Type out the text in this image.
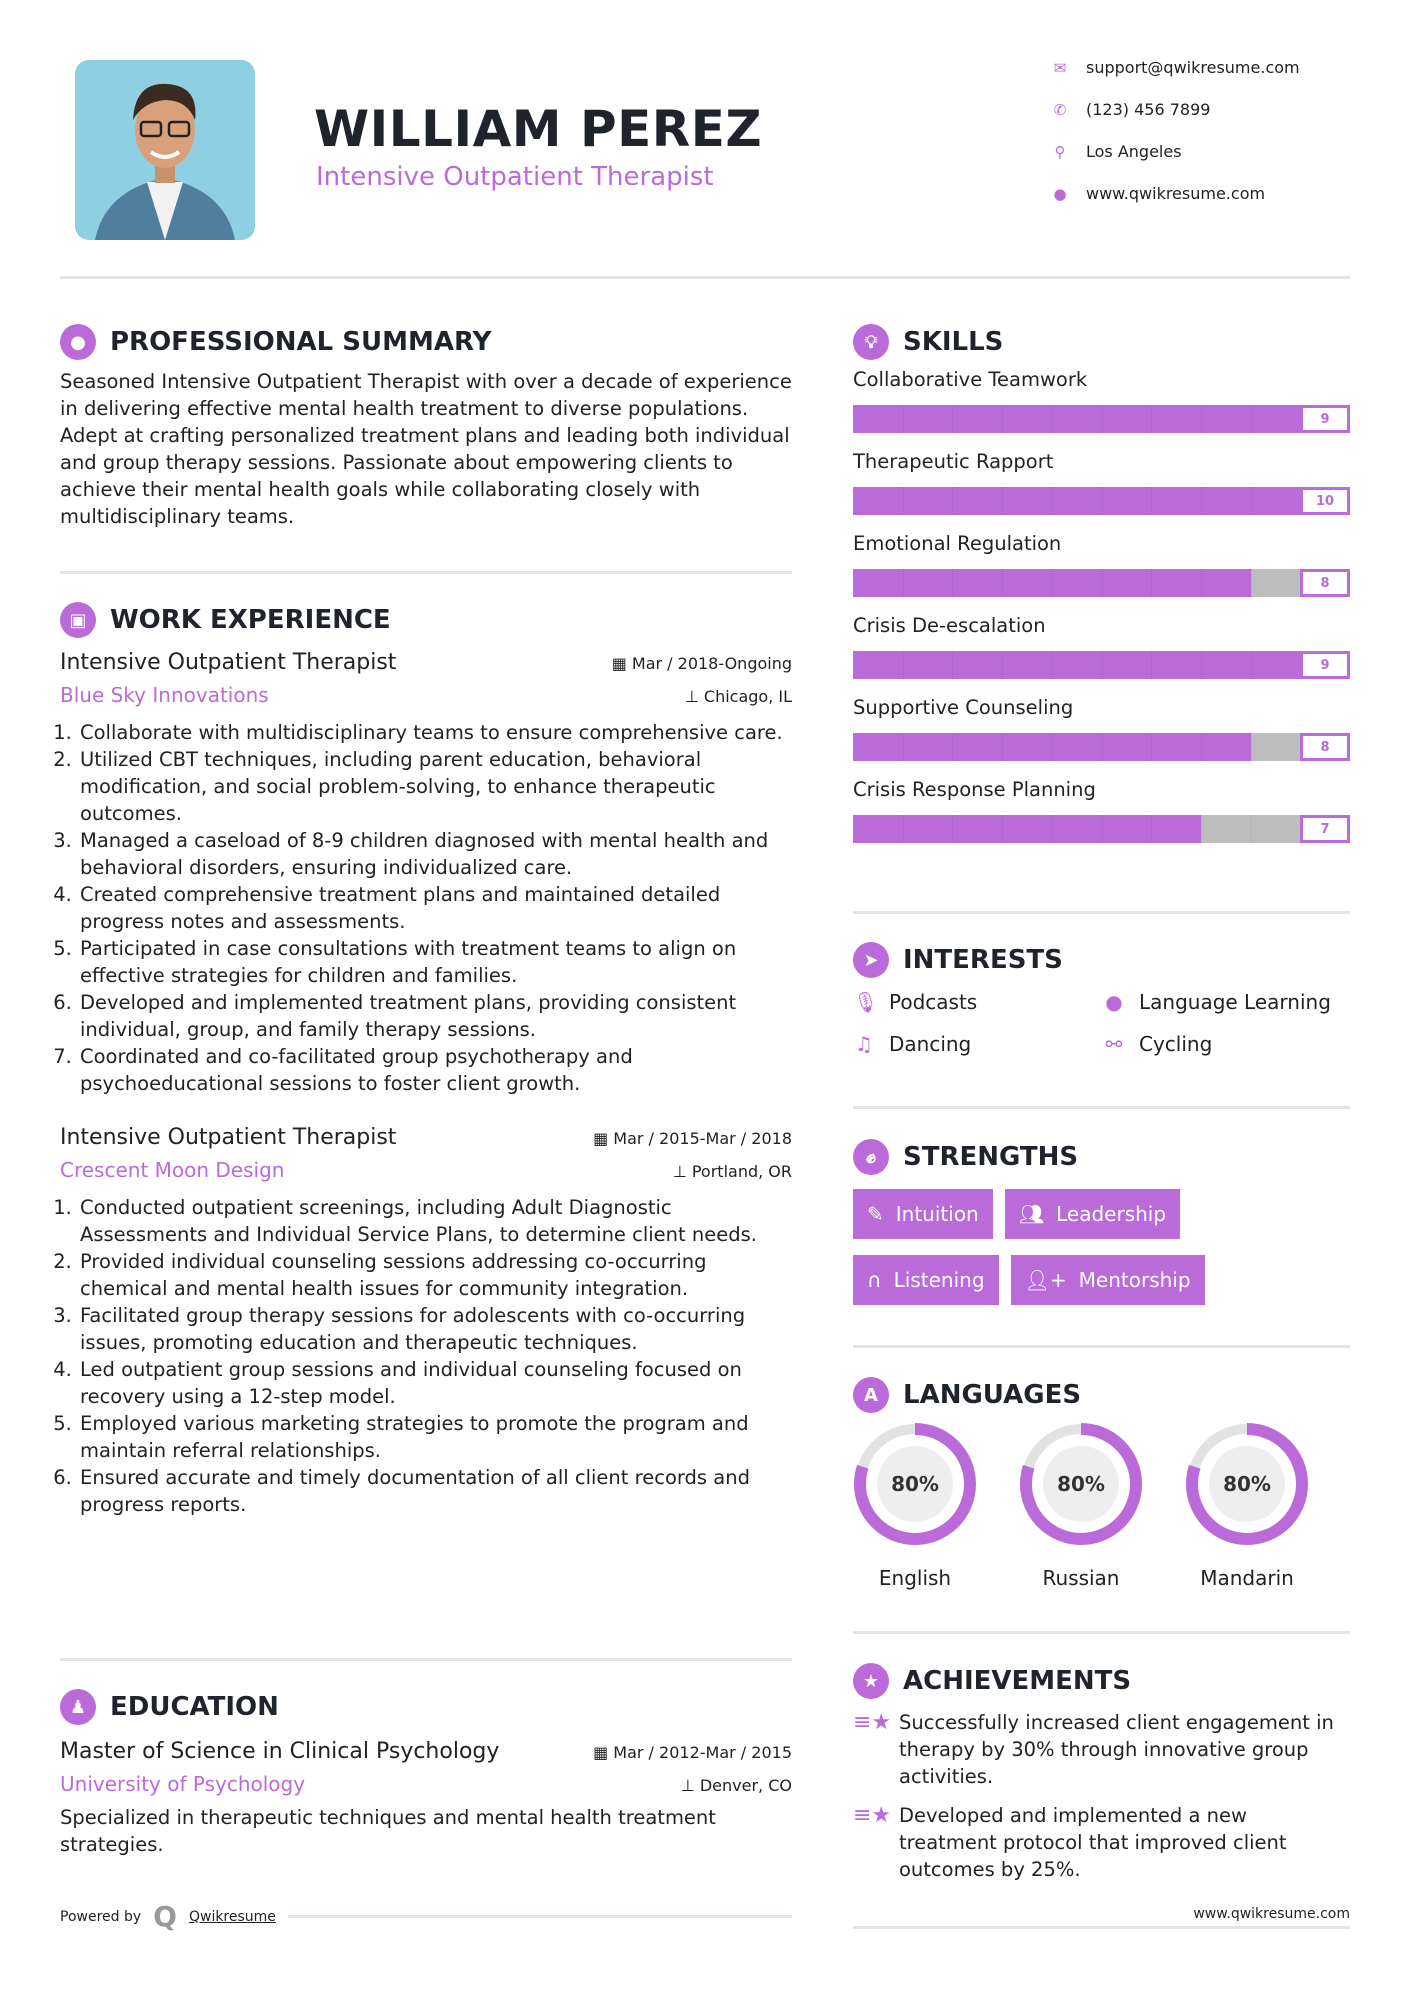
WILLIAM PEREZ
Intensive Outpatient Therapist
✉ support@qwikresume.com
✆ (123) 456 7899
⚲ Los Angeles
● www.qwikresume.com
● PROFESSIONAL SUMMARY

Seasoned Intensive Outpatient Therapist with over a decade of experience in delivering effective mental health treatment to diverse populations. Adept at crafting personalized treatment plans and leading both individual and group therapy sessions. Passionate about empowering clients to achieve their mental health goals while collaborating closely with multidisciplinary teams.

▣ WORK EXPERIENCE
Intensive Outpatient Therapist	▦ Mar / 2018-Ongoing
Blue Sky Innovations	⊥ Chicago, IL
1. Collaborate with multidisciplinary teams to ensure comprehensive care.
2. Utilized CBT techniques, including parent education, behavioral modification, and social problem-solving, to enhance therapeutic outcomes.
3. Managed a caseload of 8-9 children diagnosed with mental health and behavioral disorders, ensuring individualized care.
4. Created comprehensive treatment plans and maintained detailed progress notes and assessments.
5. Participated in case consultations with treatment teams to align on effective strategies for children and families.
6. Developed and implemented treatment plans, providing consistent individual, group, and family therapy sessions.
7. Coordinated and co-facilitated group psychotherapy and psychoeducational sessions to foster client growth.
Intensive Outpatient Therapist	▦ Mar / 2015-Mar / 2018
Crescent Moon Design	⊥ Portland, OR
1. Conducted outpatient screenings, including Adult Diagnostic Assessments and Individual Service Plans, to determine client needs.
2. Provided individual counseling sessions addressing co-occurring chemical and mental health issues for community integration.
3. Facilitated group therapy sessions for adolescents with co-occurring issues, promoting education and therapeutic techniques.
4. Led outpatient group sessions and individual counseling focused on recovery using a 12-step model.
5. Employed various marketing strategies to promote the program and maintain referral relationships.
6. Ensured accurate and timely documentation of all client records and progress reports.
♟ EDUCATION
Master of Science in Clinical Psychology	▦ Mar / 2012-Mar / 2015
University of Psychology	⊥ Denver, CO

Specialized in therapeutic techniques and mental health treatment strategies.

Powered by Q Qwikresume
💡︎ SKILLS
Collaborative Teamwork
9
Therapeutic Rapport
10
Emotional Regulation
8
Crisis De-escalation
9
Supportive Counseling
8
Crisis Response Planning
7
➤ INTERESTS
🎙︎ Podcasts	● Language Learning
♫ Dancing	⚯ Cycling
✊︎	STRENGTHS
✎ Intuition 👥︎ Leadership
∩ Listening 👤︎+ Mentorship
A LANGUAGES
80%
English
80%
Russian
80%
Mandarin
★ ACHIEVEMENTS
≡★ Successfully increased client engagement in therapy by 30% through innovative group activities.
≡★ Developed and implemented a new treatment protocol that improved client outcomes by 25%.
www.qwikresume.com
